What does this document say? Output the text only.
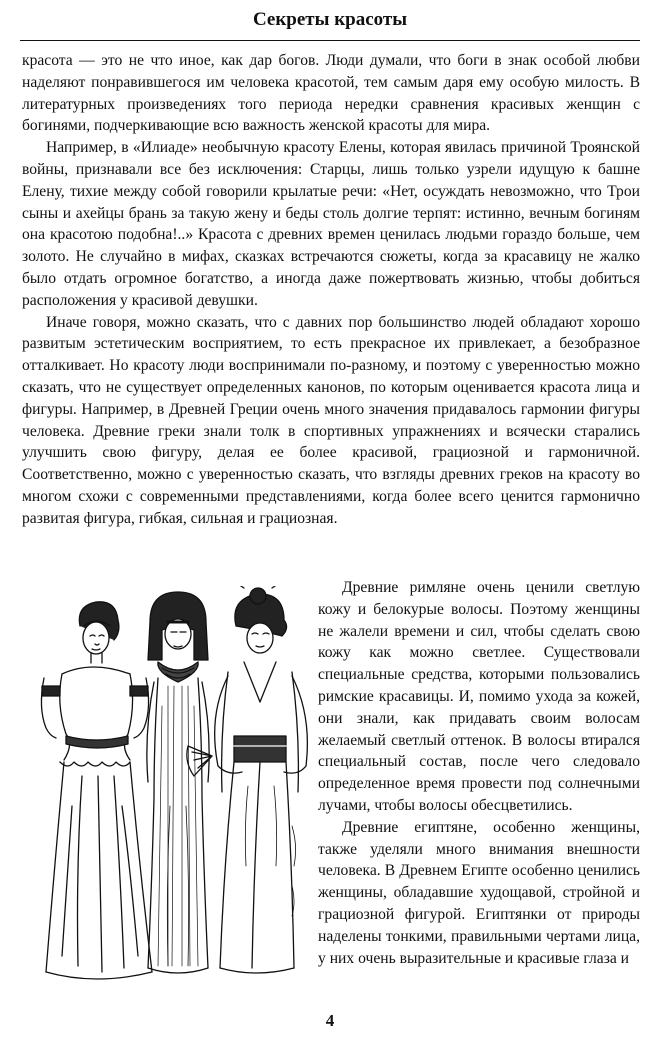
Секреты красоты

красота — это не что иное, как дар богов. Люди думали, что боги в знак особой любви наделяют понравившегося им человека красотой, тем самым даря ему особую милость. В литературных произведениях того периода нередки сравнения красивых женщин с богинями, подчеркивающие всю важность женской красоты для мира.

Например, в «Илиаде» необычную красоту Елены, которая явилась причиной Троянской войны, признавали все без исключения: Старцы, лишь только узрели идущую к башне Елену, тихие между собой говорили крылатые речи: «Нет, осуждать невозможно, что Трои сыны и ахейцы брань за такую жену и беды столь долгие терпят: истинно, вечным богиням она красотою подобна!..» Красота с древних времен ценилась людьми гораздо больше, чем золото. Не случайно в мифах, сказках встречаются сюжеты, когда за красавицу не жалко было отдать огромное богатство, а иногда даже пожертвовать жизнью, чтобы добиться расположения у красивой девушки.

Иначе говоря, можно сказать, что с давних пор большинство людей обладают хорошо развитым эстетическим восприятием, то есть прекрасное их привлекает, а безобразное отталкивает. Но красоту люди воспринимали по-разному, и поэтому с уверенностью можно сказать, что не существует определенных канонов, по которым оценивается красота лица и фигуры. Например, в Древней Греции очень много значения придавалось гармонии фигуры человека. Древние греки знали толк в спортивных упражнениях и всячески старались улучшить свою фигуру, делая ее более красивой, грациозной и гармоничной. Соответственно, можно с уверенностью сказать, что взгляды древних греков на красоту во многом схожи с современными представлениями, когда более всего ценится гармонично развитая фигура, гибкая, сильная и грациозная.

Древние римляне очень ценили светлую кожу и белокурые волосы. Поэтому женщины не жалели времени и сил, чтобы сделать свою кожу как можно светлее. Существовали специальные средства, которыми пользовались римские красавицы. И, помимо ухода за кожей, они знали, как придавать своим волосам желаемый светлый оттенок. В волосы втирался специальный состав, после чего следовало определенное время провести под солнечными лучами, чтобы волосы обесцветились.

Древние египтяне, особенно женщины, также уделяли много внимания внешности человека. В Древнем Египте особенно ценились женщины, обладавшие худощавой, стройной и грациозной фигурой. Египтянки от природы наделены тонкими, правильными чертами лица, у них очень выразительные и красивые глаза и

4
